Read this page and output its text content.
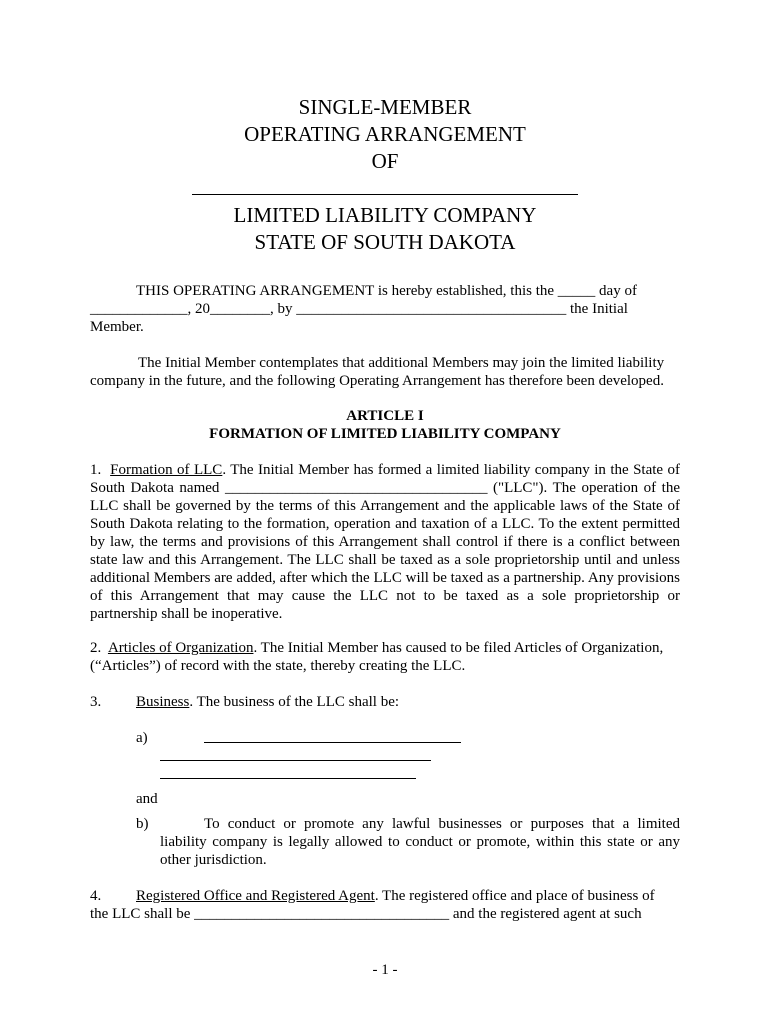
SINGLE-MEMBER
OPERATING ARRANGEMENT
OF
LIMITED LIABILITY COMPANY
STATE OF SOUTH DAKOTA
THIS OPERATING ARRANGEMENT is hereby established, this the _____ day of
_____________, 20________, by ____________________________________ the Initial
Member.
The Initial Member contemplates that additional Members may join the limited liability
company in the future, and the following Operating Arrangement has therefore been developed.
ARTICLE I
FORMATION OF LIMITED LIABILITY COMPANY

1. Formation of LLC. The Initial Member has formed a limited liability company in the State of South Dakota named ___________________________________ ("LLC"). The operation of the LLC shall be governed by the terms of this Arrangement and the applicable laws of the State of South Dakota relating to the formation, operation and taxation of a LLC. To the extent permitted by law, the terms and provisions of this Arrangement shall control if there is a conflict between state law and this Arrangement. The LLC shall be taxed as a sole proprietorship until and unless additional Members are added, after which the LLC will be taxed as a partnership. Any provisions of this Arrangement that may cause the LLC not to be taxed as a sole proprietorship or partnership shall be inoperative.

2. Articles of Organization. The Initial Member has caused to be filed Articles of Organization,

(“Articles”) of record with the state, thereby creating the LLC.
3.	Business. The business of the LLC shall be:

a)
and
b)	To conduct or promote any lawful businesses or purposes that a limited
liability company is legally allowed to conduct or promote, within this state or any
other jurisdiction.
4.	Registered Office and Registered Agent. The registered office and place of business of

the LLC shall be __________________________________ and the registered agent at such
- 1 -
